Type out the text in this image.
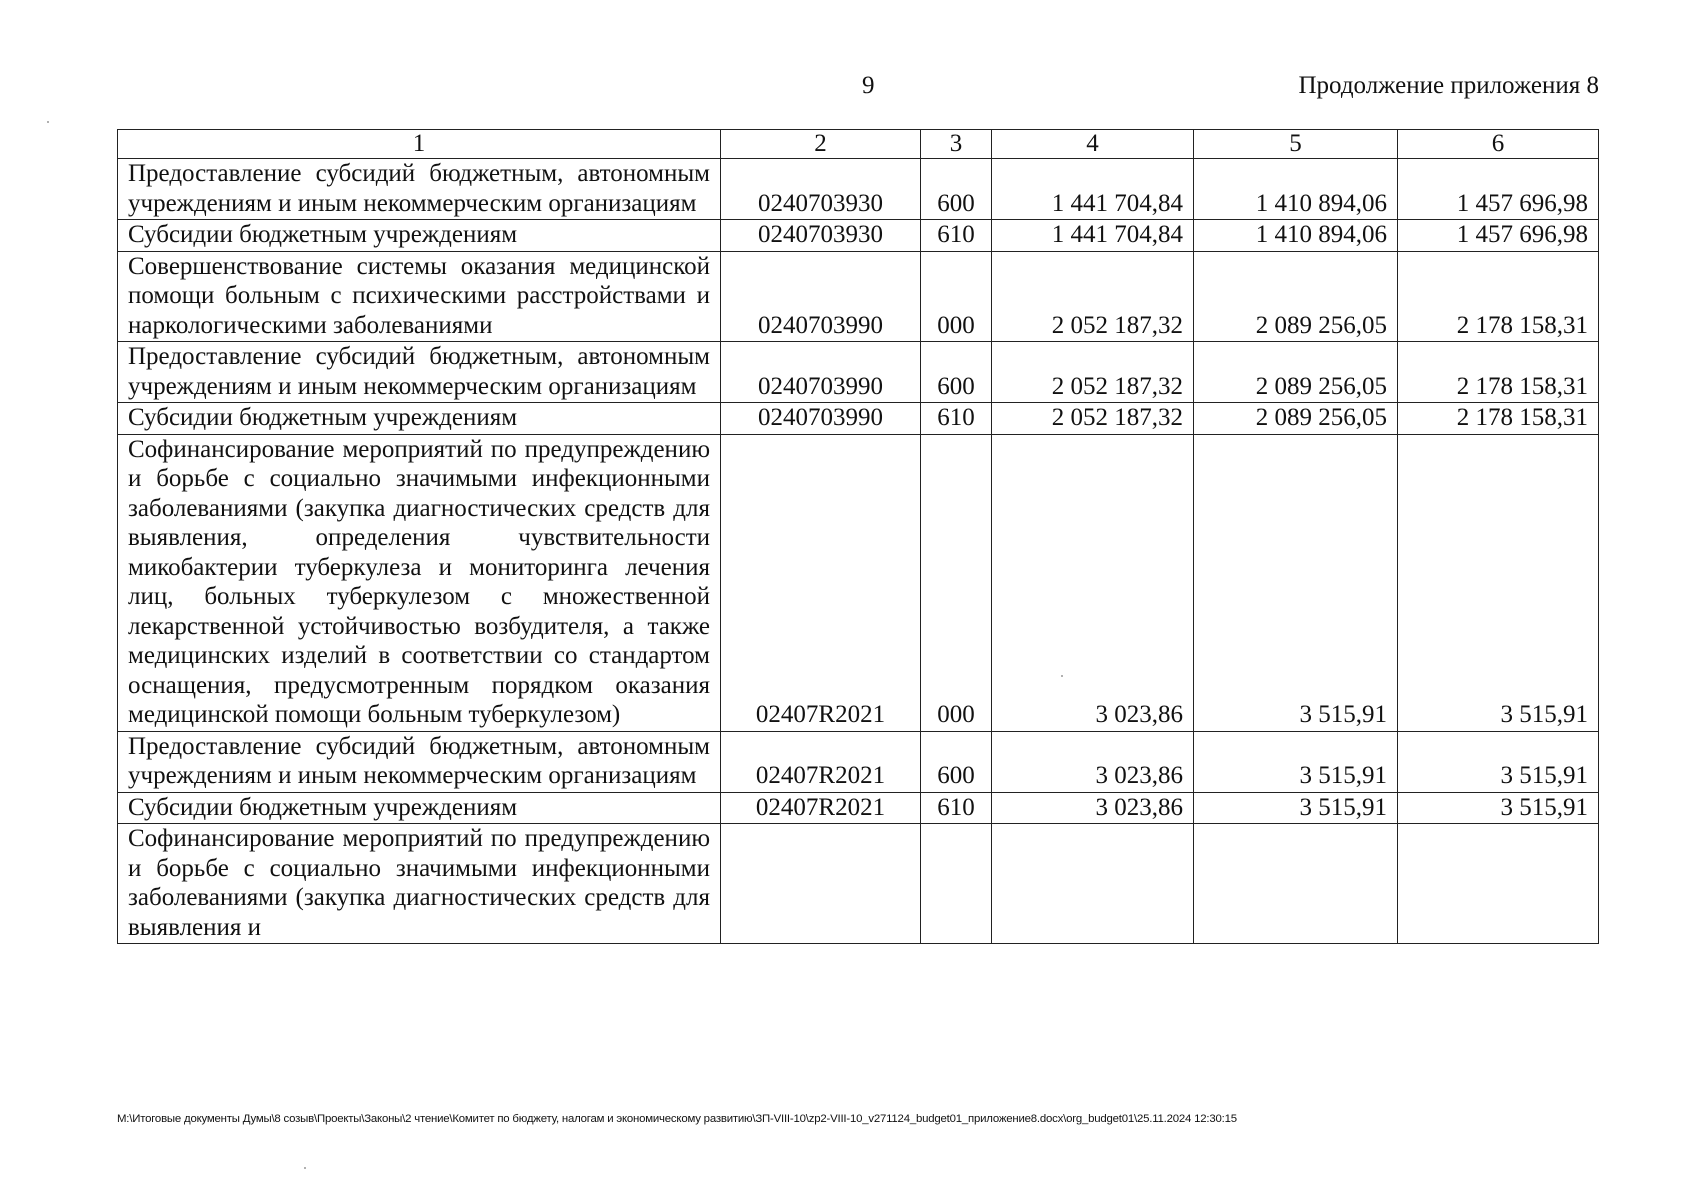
9	Продолжение приложения 8
1	2	3	4	5	6
Предоставление субсидий бюджетным, автономным учреждениям и иным некоммерческим организациям	0240703930	600	1 441 704,84	1 410 894,06	1 457 696,98
Субсидии бюджетным учреждениям	0240703930	610	1 441 704,84	1 410 894,06	1 457 696,98
Совершенствование системы оказания медицинской помощи больным с психическими расстройствами и наркологическими заболеваниями	0240703990	000	2 052 187,32	2 089 256,05	2 178 158,31
Предоставление субсидий бюджетным, автономным учреждениям и иным некоммерческим организациям	0240703990	600	2 052 187,32	2 089 256,05	2 178 158,31
Субсидии бюджетным учреждениям	0240703990	610	2 052 187,32	2 089 256,05	2 178 158,31
Софинансирование мероприятий по предупреждению и борьбе с социально значимыми инфекционными заболеваниями (закупка диагностических средств для выявления, определения чувствительности микобактерии туберкулеза и мониторинга лечения лиц, больных туберкулезом с множественной лекарственной устойчивостью возбудителя, а также медицинских изделий в соответствии со стандартом оснащения, предусмотренным порядком оказания медицинской помощи больным туберкулезом)	02407R2021	000	3 023,86	3 515,91	3 515,91
Предоставление субсидий бюджетным, автономным учреждениям и иным некоммерческим организациям	02407R2021	600	3 023,86	3 515,91	3 515,91
Субсидии бюджетным учреждениям	02407R2021	610	3 023,86	3 515,91	3 515,91
Софинансирование мероприятий по предупреждению и борьбе с социально значимыми инфекционными заболеваниями (закупка диагностических средств для выявления и					
M:\Итоговые документы Думы\8 созыв\Проекты\Законы\2 чтение\Комитет по бюджету, налогам и экономическому развитию\ЗП-VIII-10\zp2-VIII-10_v271124_budget01_приложение8.docx\org_budget01\25.11.2024 12:30:15
